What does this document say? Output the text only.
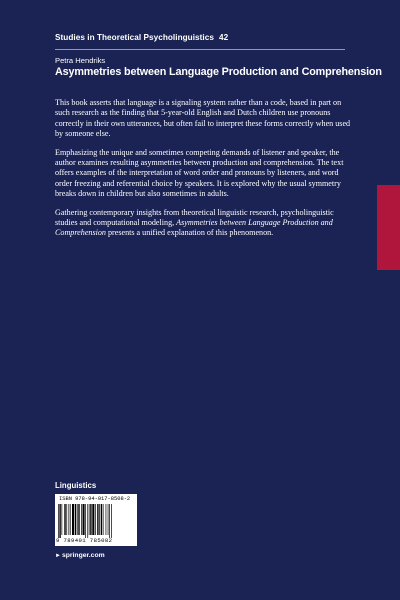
Studies in Theoretical Psycholinguistics 42
Petra Hendriks
Asymmetries between Language Production and Comprehension

This book asserts that language is a signaling system rather than a code, based in part on such research as the finding that 5-year-old English and Dutch children use pronouns correctly in their own utterances, but often fail to interpret these forms correctly when used by someone else.

Emphasizing the unique and sometimes competing demands of listener and speaker, the author examines resulting asymmetries between production and comprehension. The text offers examples of the interpretation of word order and pronouns by listeners, and word order freezing and referential choice by speakers. It is explored why the usual symmetry breaks down in children but also sometimes in adults.

Gathering contemporary insights from theoretical linguistic research, psycholinguistic studies and computational modeling, Asymmetries between Language Production and Comprehension presents a unified explanation of this phenomenon.

Linguistics
ISBN 978-94-017-8508-2
9 789401 785082
►springer.com
